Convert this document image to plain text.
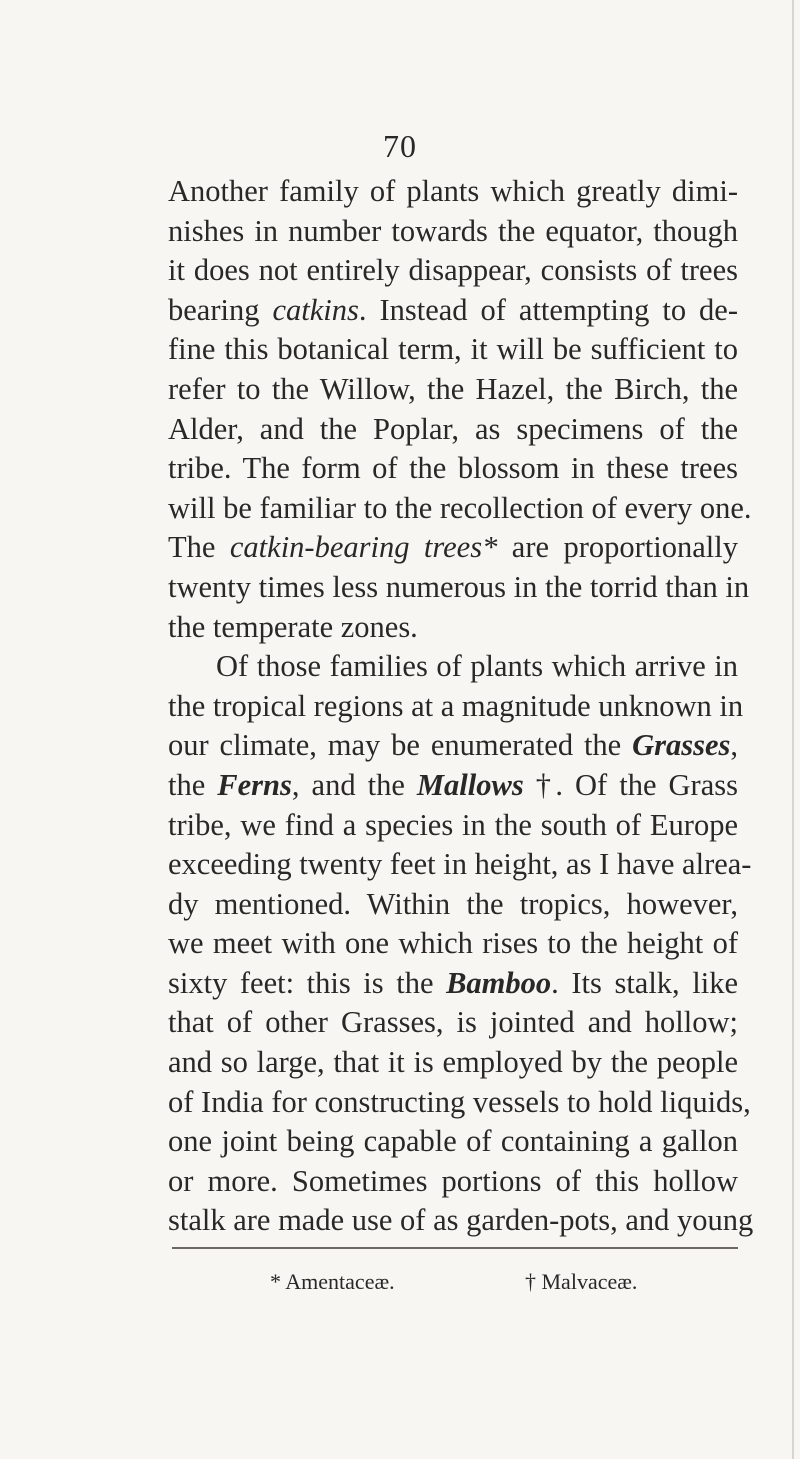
70
Another family of plants which greatly dimi-
nishes in number towards the equator, though
it does not entirely disappear, consists of trees
bearing catkins. Instead of attempting to de-
fine this botanical term, it will be sufficient to
refer to the Willow, the Hazel, the Birch, the
Alder, and the Poplar, as specimens of the
tribe. The form of the blossom in these trees
will be familiar to the recollection of every one.
The catkin-bearing trees* are proportionally
twenty times less numerous in the torrid than in
the temperate zones.
Of those families of plants which arrive in
the tropical regions at a magnitude unknown in
our climate, may be enumerated the Grasses,
the Ferns, and the Mallows †. Of the Grass
tribe, we find a species in the south of Europe
exceeding twenty feet in height, as I have alrea-
dy mentioned. Within the tropics, however,
we meet with one which rises to the height of
sixty feet: this is the Bamboo. Its stalk, like
that of other Grasses, is jointed and hollow;
and so large, that it is employed by the people
of India for constructing vessels to hold liquids,
one joint being capable of containing a gallon
or more. Sometimes portions of this hollow
stalk are made use of as garden-pots, and young
* Amentaceæ.	† Malvaceæ.
